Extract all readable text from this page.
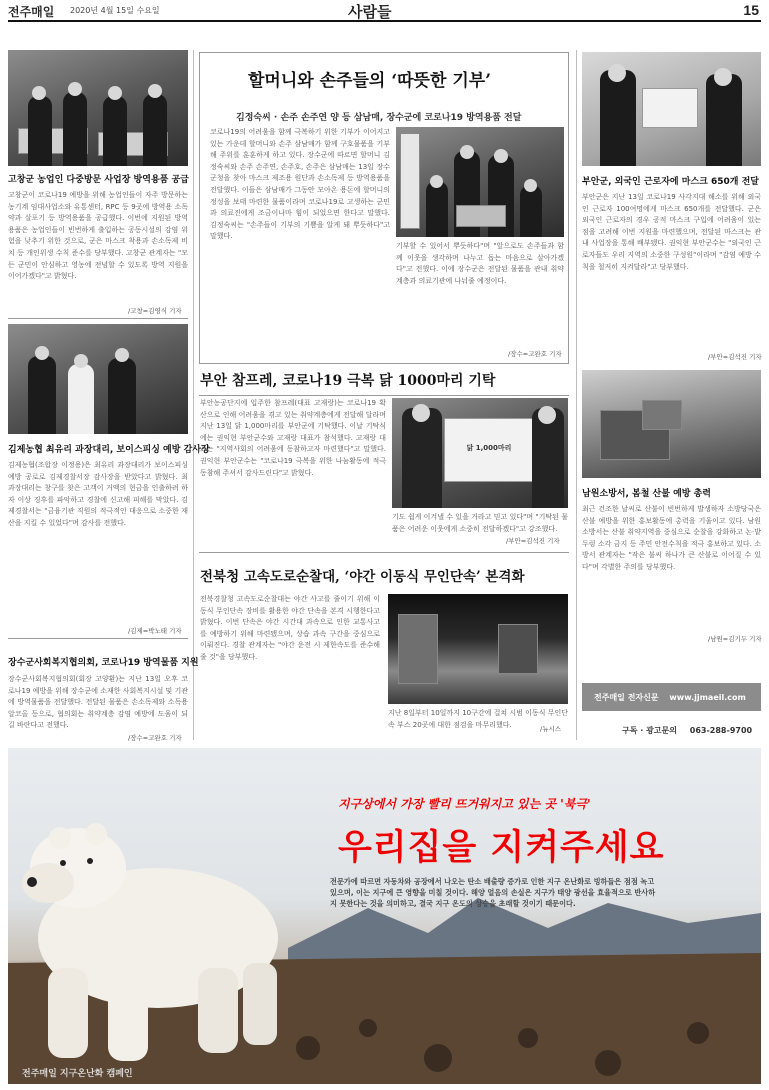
전주매일 2020년 4월 15일 수요일	사람들	15
고창군 농업인 다중방문 사업장 방역용품 공급
고창군이 코로나19 예방을 위해 농업인들이 자주 방문하는 농기계 임대사업소와 유통센터, RPC 등 9곳에 방역용 소독약과 살포기 등 방역용품을 공급했다. 이번에 지원된 방역용품은 농업인들이 빈번하게 출입하는 공동시설의 감염 위험을 낮추기 위한 것으로, 군은 마스크 착용과 손소독제 비치 등 개인위생 수칙 준수를 당부했다. 고창군 관계자는 "모든 군민이 안심하고 영농에 전념할 수 있도록 방역 지원을 이어가겠다"고 밝혔다.
/고창=김영식 기자
김제농협 최유리 과장대리, 보이스피싱 예방 감사장
김제농협(조합장 이정용)은 최유리 과장대리가 보이스피싱 예방 공로로 김제경찰서장 감사장을 받았다고 밝혔다. 최 과장대리는 창구를 찾은 고객이 거액의 현금을 인출하려 하자 이상 징후를 파악하고 경찰에 신고해 피해를 막았다. 김제경찰서는 "금융기관 직원의 적극적인 대응으로 소중한 재산을 지킬 수 있었다"며 감사를 전했다.
/김제=박노태 기자
장수군사회복지협의회, 코로나19 방역물품 지원
장수군사회복지협의회(회장 고양환)는 지난 13일 오후 코로나19 예방을 위해 장수군에 소재한 사회복지시설 및 기관에 방역물품을 전달했다. 전달된 물품은 손소독제와 소독용 알코올 등으로, 협의회는 취약계층 감염 예방에 도움이 되길 바란다고 전했다.
/장수=고완호 기자
할머니와 손주들의 ‘따뜻한 기부’
김정숙씨 · 손주 손주연 양 등 삼남매, 장수군에 코로나19 방역용품 전달
코로나19의 어려움을 함께 극복하기 위한 기부가 이어지고 있는 가운데 할머니와 손주 삼남매가 함께 구호물품을 기부해 주위를 훈훈하게 하고 있다. 장수군에 따르면 할머니 김정숙씨와 손주 손주연, 손주호, 손주은 삼남매는 13일 장수군청을 찾아 마스크 제조용 원단과 손소독제 등 방역용품을 전달했다. 이들은 삼남매가 그동안 모아온 용돈에 할머니의 정성을 보태 마련한 물품이라며 코로나19로 고생하는 군민과 의료진에게 조금이나마 힘이 되었으면 한다고 말했다. 김정숙씨는 "손주들이 기부의 기쁨을 알게 돼 뿌듯하다"고 말했다.
기부할 수 있어서 뿌듯하다"며 "앞으로도 손주들과 함께 이웃을 생각하며 나누고 돕는 마음으로 살아가겠다"고 전했다. 이에 장수군은 전달된 물품을 관내 취약계층과 의료기관에 나눠줄 예정이다.
/장수=고완호 기자
부안 참프레, 코로나19 극복 닭 1000마리 기탁
부안농공단지에 입주한 참프레(대표 고재랑)는 코로나19 확산으로 인해 어려움을 겪고 있는 취약계층에게 전달해 달라며 지난 13일 닭 1,000마리를 부안군에 기탁했다. 이날 기탁식에는 권익현 부안군수와 고재랑 대표가 참석했다. 고재랑 대표는 "지역사회의 어려움에 동참하고자 마련했다"고 말했다. 권익현 부안군수는 "코로나19 극복을 위한 나눔활동에 적극 동참해 주셔서 감사드린다"고 밝혔다.
닭 1,000마리
기도 쉽게 이겨낼 수 있을 거라고 믿고 있다"며 "기탁된 물품은 어려운 이웃에게 소중히 전달하겠다"고 강조했다.
/부안=김석진 기자
전북청 고속도로순찰대, ‘야간 이동식 무인단속’ 본격화
전북경찰청 고속도로순찰대는 야간 사고를 줄이기 위해 이동식 무인단속 장비를 활용한 야간 단속을 본격 시행한다고 밝혔다. 이번 단속은 야간 시간대 과속으로 인한 교통사고를 예방하기 위해 마련됐으며, 상습 과속 구간을 중심으로 이뤄진다. 경찰 관계자는 "야간 운전 시 제한속도를 준수해 줄 것"을 당부했다.
지난 8일부터 10일까지 10구간에 걸쳐 시범 이동식 무인단속 부스 20곳에 대한 점검을 마무리했다.
/뉴시스
부안군, 외국인 근로자에 마스크 650개 전달
부안군은 지난 13일 코로나19 사각지대 해소를 위해 외국인 근로자 100여명에게 마스크 650개를 전달했다. 군은 외국인 근로자의 경우 공적 마스크 구입에 어려움이 있는 점을 고려해 이번 지원을 마련했으며, 전달된 마스크는 관내 사업장을 통해 배부됐다. 권익현 부안군수는 "외국인 근로자들도 우리 지역의 소중한 구성원"이라며 "감염 예방 수칙을 철저히 지켜달라"고 당부했다.
/부안=김석진 기자
남원소방서, 봄철 산불 예방 총력
최근 건조한 날씨로 산불이 빈번하게 발생하자 소방당국은 산불 예방을 위한 홍보활동에 총력을 기울이고 있다. 남원소방서는 산불 취약지역을 중심으로 순찰을 강화하고 논·밭두렁 소각 금지 등 주민 안전수칙을 적극 홍보하고 있다. 소방서 관계자는 "작은 불씨 하나가 큰 산불로 이어질 수 있다"며 각별한 주의를 당부했다.
/남원=김기두 기자
전주매일 전자신문 www.jjmaeil.com
구독 · 광고문의 063-288-9700
지구상에서 가장 빨리 뜨거워지고 있는 곳 '북극'
우리집을 지켜주세요
전문가에 따르면 자동차와 공장에서 나오는 탄소 배출량 증가로 인한 지구 온난화로 빙하들은 점점 녹고 있으며, 이는 지구에 큰 영향을 미칠 것이다. 해양 얼음의 손실은 지구가 태양 광선을 효율적으로 반사하지 못한다는 것을 의미하고, 결국 지구 온도의 상승을 초래할 것이기 때문이다.
전주매일 지구온난화 캠페인
